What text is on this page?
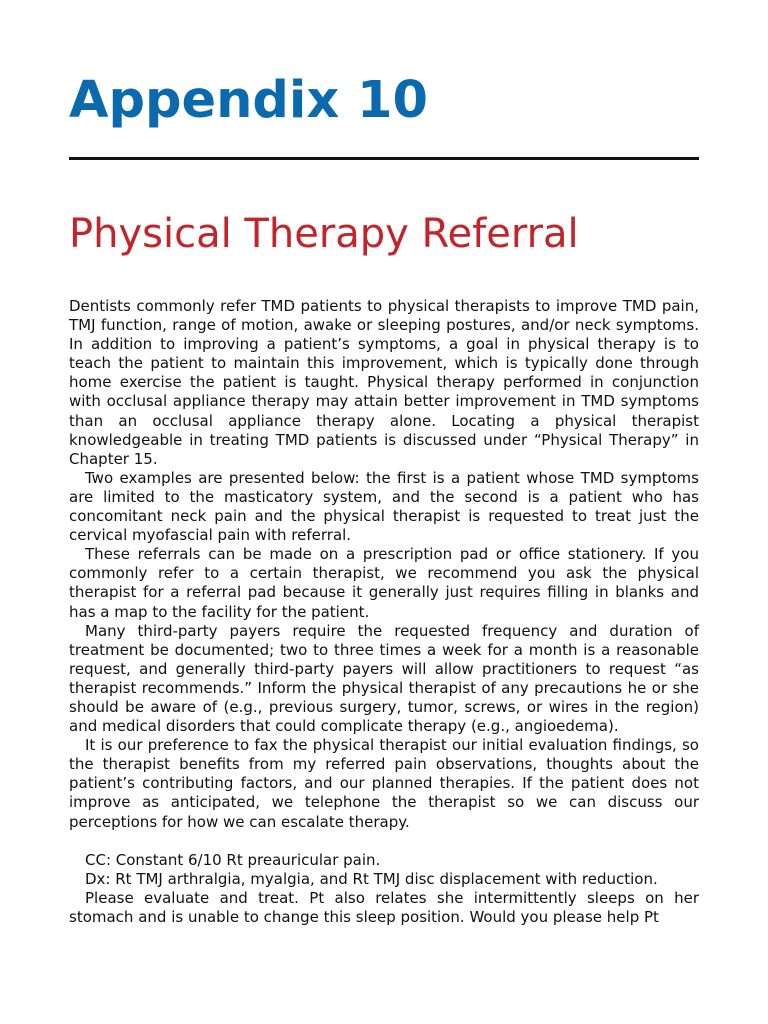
Appendix 10
Physical Therapy Referral

Dentists commonly refer TMD patients to physical therapists to improve TMD pain, TMJ function, range of motion, awake or sleeping postures, and/or neck symptoms. In addition to improving a patient’s symptoms, a goal in physical therapy is to teach the patient to maintain this improvement, which is typically done through home exercise the patient is taught. Physical therapy performed in conjunction with occlusal appliance therapy may attain better improvement in TMD symptoms than an occlusal appliance therapy alone. Locating a physical therapist knowledgeable in treating TMD patients is discussed under “Physical Therapy” in Chapter 15.

Two examples are presented below: the first is a patient whose TMD symptoms are limited to the masticatory system, and the second is a patient who has concomitant neck pain and the physical therapist is requested to treat just the cervical myofascial pain with referral.

These referrals can be made on a prescription pad or office stationery. If you commonly refer to a certain therapist, we recommend you ask the physical therapist for a referral pad because it generally just requires filling in blanks and has a map to the facility for the patient.

Many third-party payers require the requested frequency and duration of treatment be documented; two to three times a week for a month is a reasonable request, and generally third-party payers will allow practitioners to request “as therapist recommends.” Inform the physical therapist of any precautions he or she should be aware of (e.g., previous surgery, tumor, screws, or wires in the region) and medical disorders that could complicate therapy (e.g., angioedema).

It is our preference to fax the physical therapist our initial evaluation findings, so the therapist benefits from my referred pain observations, thoughts about the patient’s contributing factors, and our planned therapies. If the patient does not improve as anticipated, we telephone the therapist so we can discuss our perceptions for how we can escalate therapy.

CC: Constant 6/10 Rt preauricular pain.

Dx: Rt TMJ arthralgia, myalgia, and Rt TMJ disc displacement with reduction.

Please evaluate and treat. Pt also relates she intermittently sleeps on her stomach and is unable to change this sleep position. Would you please help Pt
